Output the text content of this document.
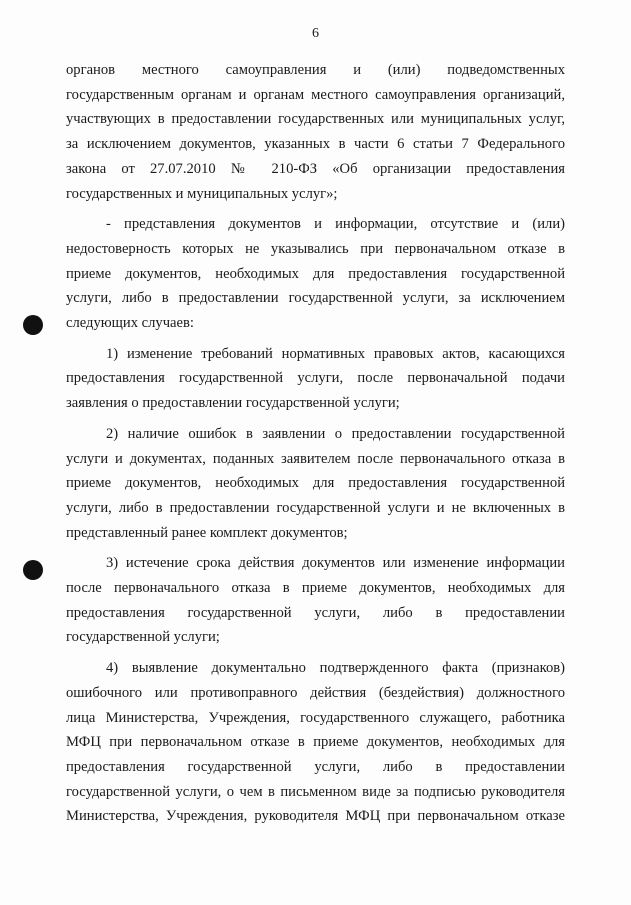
6

органов местного самоуправления и (или) подведомственных
государственным органам и органам местного самоуправления организаций,
участвующих в предоставлении государственных или муниципальных услуг,
за исключением документов, указанных в части 6 статьи 7 Федерального
закона от 27.07.2010 № 210-ФЗ «Об организации предоставления
государственных и муниципальных услуг»;

- представления документов и информации, отсутствие и (или)
недостоверность которых не указывались при первоначальном отказе в
приеме документов, необходимых для предоставления государственной
услуги, либо в предоставлении государственной услуги, за исключением
следующих случаев:

1) изменение требований нормативных правовых актов, касающихся
предоставления государственной услуги, после первоначальной подачи
заявления о предоставлении государственной услуги;

2) наличие ошибок в заявлении о предоставлении государственной
услуги и документах, поданных заявителем после первоначального отказа в
приеме документов, необходимых для предоставления государственной
услуги, либо в предоставлении государственной услуги и не включенных в
представленный ранее комплект документов;

3) истечение срока действия документов или изменение информации
после первоначального отказа в приеме документов, необходимых для
предоставления государственной услуги, либо в предоставлении
государственной услуги;

4) выявление документально подтвержденного факта (признаков)
ошибочного или противоправного действия (бездействия) должностного
лица Министерства, Учреждения, государственного служащего, работника
МФЦ при первоначальном отказе в приеме документов, необходимых для
предоставления государственной услуги, либо в предоставлении
государственной услуги, о чем в письменном виде за подписью руководителя
Министерства, Учреждения, руководителя МФЦ при первоначальном отказе
